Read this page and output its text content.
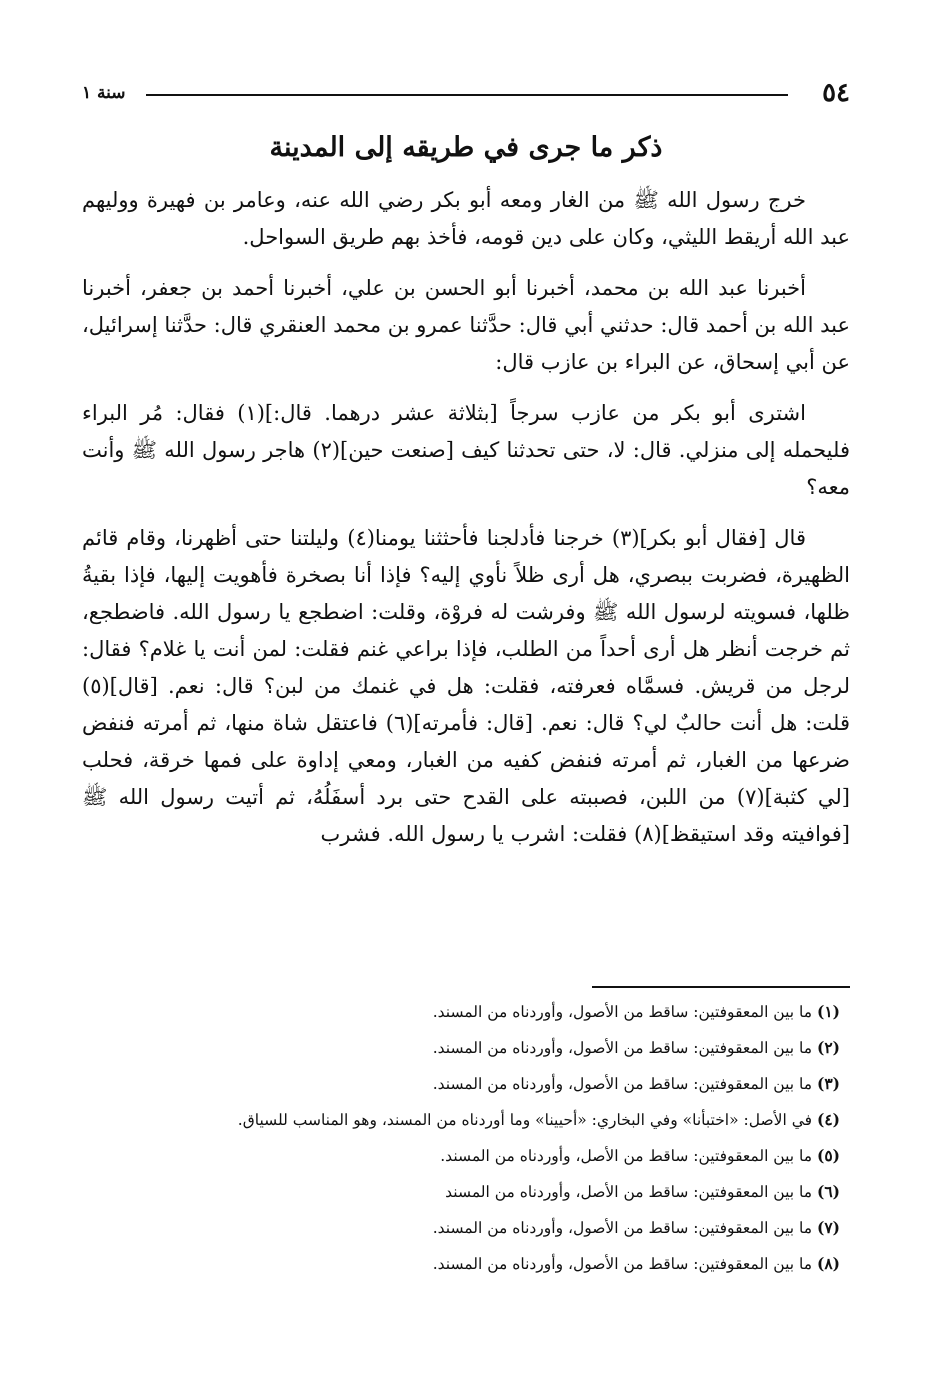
٥٤
سنة ١
ذكر ما جرى في طريقه إلى المدينة

خرج رسول الله ﷺ من الغار ومعه أبو بكر رضي الله عنه، وعامر بن فهيرة ووليهم عبد الله أريقط الليثي، وكان على دين قومه، فأخذ بهم طريق السواحل.

أخبرنا عبد الله بن محمد، أخبرنا أبو الحسن بن علي، أخبرنا أحمد بن جعفر، أخبرنا عبد الله بن أحمد قال: حدثني أبي قال: حدَّثنا عمرو بن محمد العنقري قال: حدَّثنا إسرائيل، عن أبي إسحاق، عن البراء بن عازب قال:

اشترى أبو بكر من عازب سرجاً [بثلاثة عشر درهما. قال:](١) فقال: مُر البراء فليحمله إلى منزلي. قال: لا، حتى تحدثنا كيف [صنعت حين](٢) هاجر رسول الله ﷺ وأنت معه؟

قال [فقال أبو بكر](٣) خرجنا فأدلجنا فأحثثنا يومنا(٤) وليلتنا حتى أظهرنا، وقام قائم الظهيرة، فضربت ببصري، هل أرى ظلاً نأوي إليه؟ فإذا أنا بصخرة فأهويت إليها، فإذا بقيةُ ظلها، فسويته لرسول الله ﷺ وفرشت له فروْة، وقلت: اضطجع يا رسول الله. فاضطجع، ثم خرجت أنظر هل أرى أحداً من الطلب، فإذا براعي غنم فقلت: لمن أنت يا غلام؟ فقال: لرجل من قريش. فسمَّاه فعرفته، فقلت: هل في غنمك من لبن؟ قال: نعم. [قال](٥) قلت: هل أنت حالبٌ لي؟ قال: نعم. [قال: فأمرته](٦) فاعتقل شاة منها، ثم أمرته فنفض ضرعها من الغبار، ثم أمرته فنفض كفيه من الغبار، ومعي إداوة على فمها خرقة، فحلب [لي كثبة](٧) من اللبن، فصببته على القدح حتى برد أسفَلُهُ، ثم أتيت رسول الله ﷺ [فوافيته وقد استيقظ](٨) فقلت: اشرب يا رسول الله. فشرب

(١) ما بين المعقوفتين: ساقط من الأصول، وأوردناه من المسند.
(٢) ما بين المعقوفتين: ساقط من الأصول، وأوردناه من المسند.
(٣) ما بين المعقوفتين: ساقط من الأصول، وأوردناه من المسند.
(٤) في الأصل: «اختبأنا» وفي البخاري: «أحيينا» وما أوردناه من المسند، وهو المناسب للسياق.
(٥) ما بين المعقوفتين: ساقط من الأصل، وأوردناه من المسند.
(٦) ما بين المعقوفتين: ساقط من الأصل، وأوردناه من المسند
(٧) ما بين المعقوفتين: ساقط من الأصول، وأوردناه من المسند.
(٨) ما بين المعقوفتين: ساقط من الأصول، وأوردناه من المسند.
